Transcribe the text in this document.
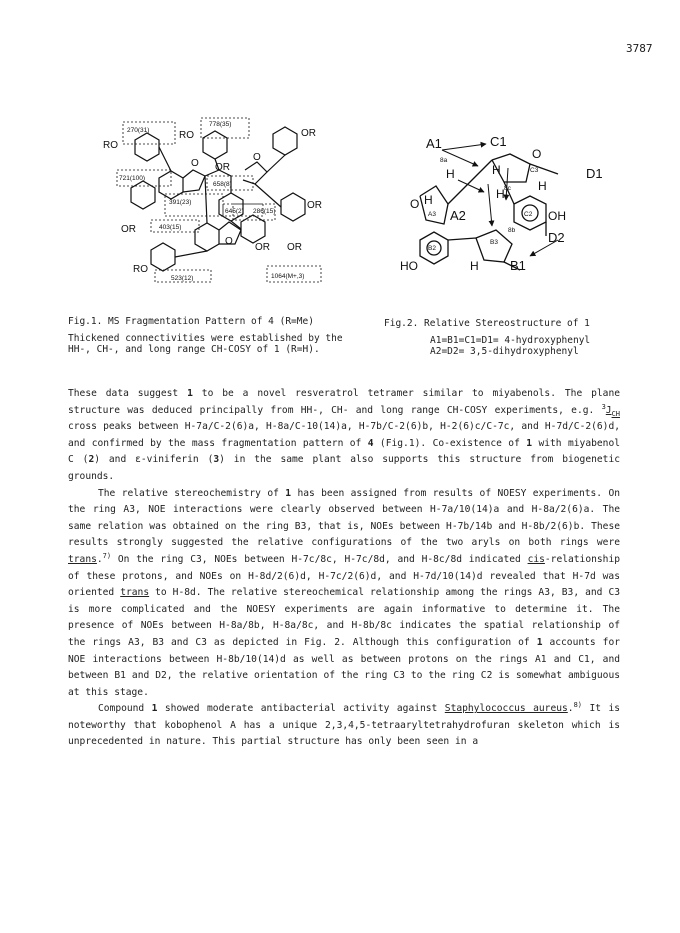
3787
270(31)
778(35)
721(100)
658(8)
391(23)
645(2) 286(15)
403(15)
523(12)	1064(M+,3)
RO
RO	OR
OR
OR
OR
OR OR
RO
O
O
O
A1	C1
D1
A2
D2
B1
HO
OH
H	H
H
H
H
H
O
O
8a
A3
B2
C3
8c
C2
8b
B3
Fig.1. MS Fragmentation Pattern of 4 (R=Me)
Thickened connectivities were established by the
HH-, CH-, and long range CH-COSY of 1 (R=H).
Fig.2. Relative Stereostructure of 1
A1=B1=C1=D1= 4-hydroxyphenyl
A2=D2= 3,5-dihydroxyphenyl

These data suggest 1 to be a novel resveratrol tetramer similar to miyabenols. The plane structure was deduced principally from HH-, CH- and long range CH-COSY experiments, e.g. $^3J_{CH}$ cross peaks between H-7a/C-2(6)a, H-8a/C-10(14)a, H-7b/C-2(6)b, H-2(6)c/C-7c, and H-7d/C-2(6)d, and confirmed by the mass fragmentation pattern of 4 (Fig.1). Co-existence of 1 with miyabenol C (2) and ε-viniferin (3) in the same plant also supports this structure from biogenetic grounds.

The relative stereochemistry of 1 has been assigned from results of NOESY experiments. On the ring A3, NOE interactions were clearly observed between H-7a/10(14)a and H-8a/2(6)a. The same relation was obtained on the ring B3, that is, NOEs between H-7b/14b and H-8b/2(6)b. These results strongly suggested the relative configurations of the two aryls on both rings were trans.$^{7)}$ On the ring C3, NOEs between H-7c/8c, H-7c/8d, and H-8c/8d indicated cis-relationship of these protons, and NOEs on H-8d/2(6)d, H-7c/2(6)d, and H-7d/10(14)d revealed that H-7d was oriented trans to H-8d. The relative stereochemical relationship among the rings A3, B3, and C3 is more complicated and the NOESY experiments are again informative to determine it. The presence of NOEs between H-8a/8b, H-8a/8c, and H-8b/8c indicates the spatial relationship of the rings A3, B3 and C3 as depicted in Fig. 2. Although this configuration of 1 accounts for NOE interactions between H-8b/10(14)d as well as between protons on the rings A1 and C1, and between B1 and D2, the relative orientation of the ring C3 to the ring C2 is somewhat ambiguous at this stage.

Compound 1 showed moderate antibacterial activity against Staphylococcus aureus.$^{8)}$ It is noteworthy that kobophenol A has a unique 2,3,4,5-tetraaryltetrahydrofuran skeleton which is unprecedented in nature. This partial structure has only been seen in a
